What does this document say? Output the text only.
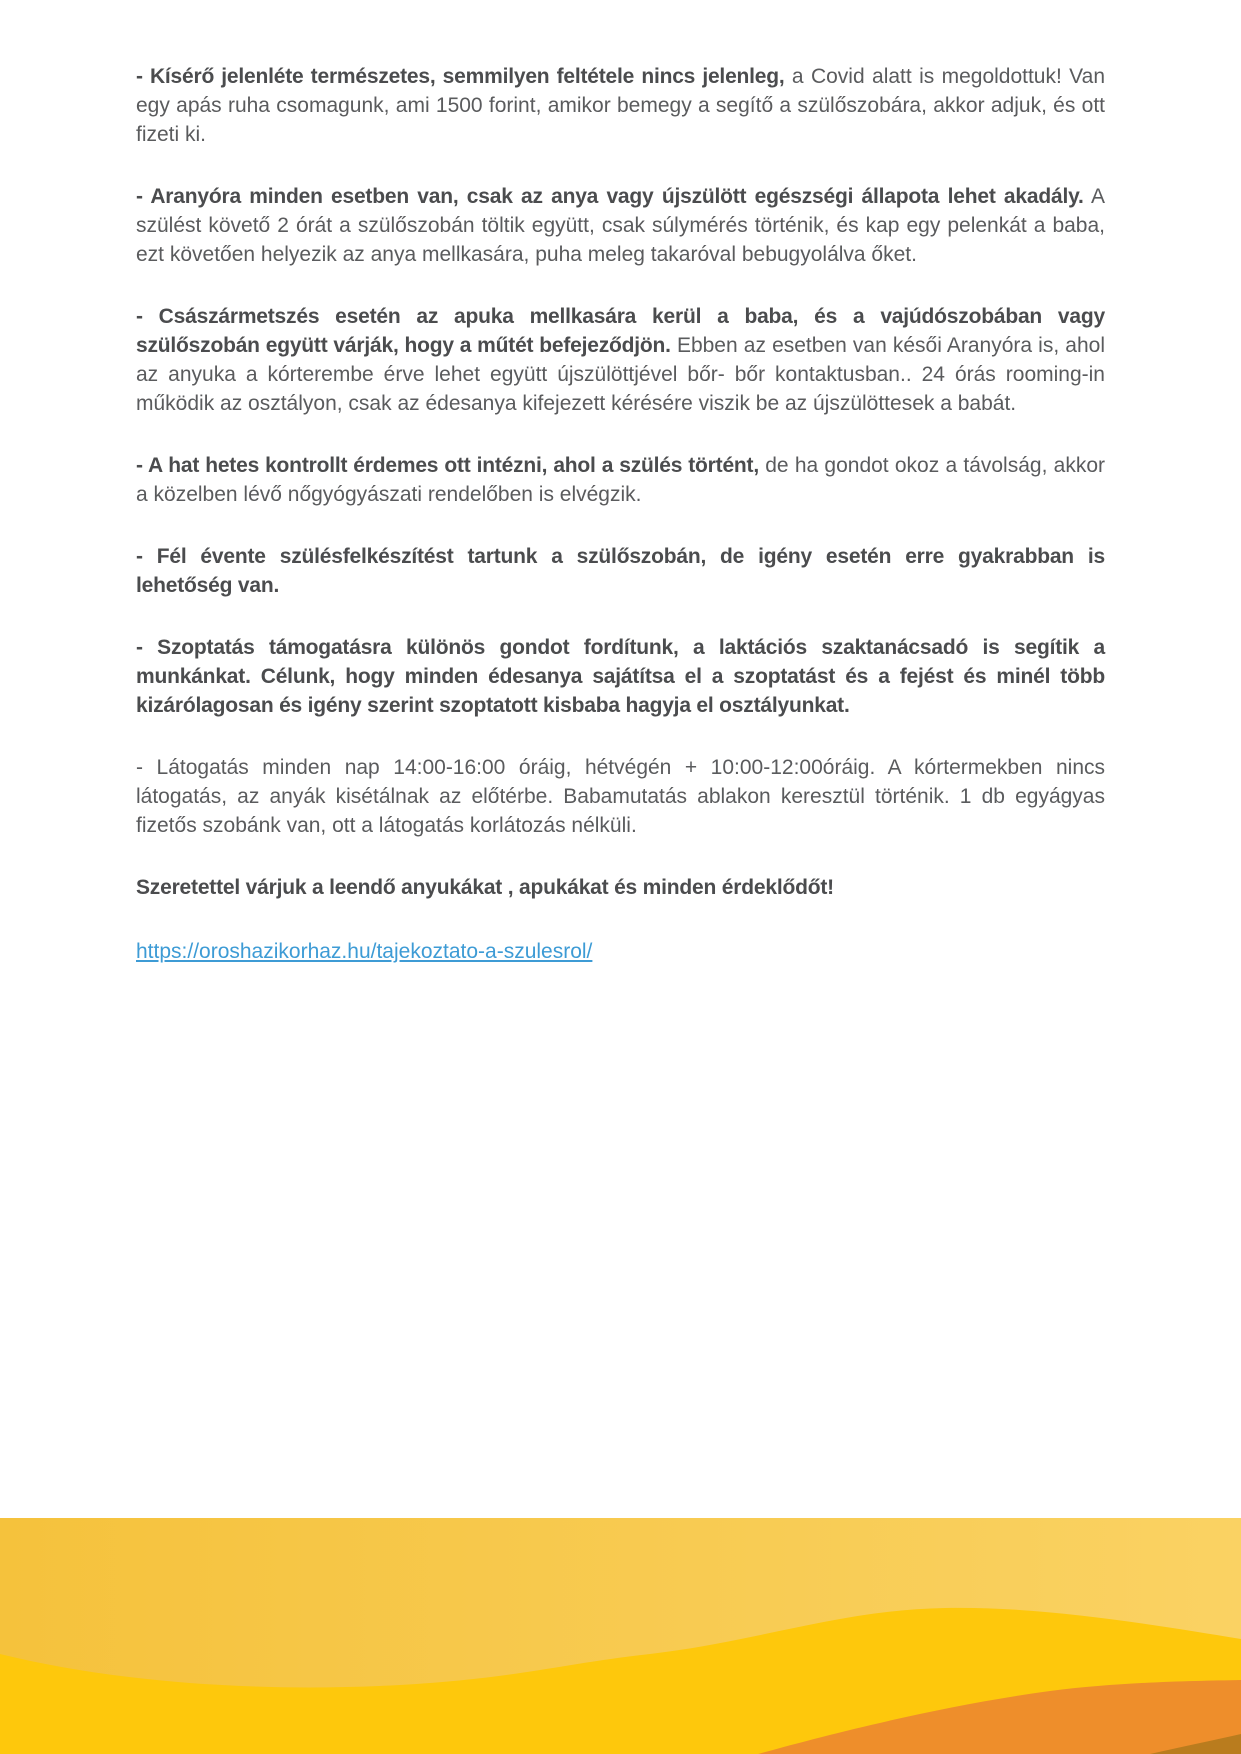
- Kísérő jelenléte természetes, semmilyen feltétele nincs jelenleg, a Covid alatt is megoldottuk! Van egy apás ruha csomagunk, ami 1500 forint, amikor bemegy a segítő a szülőszobára, akkor adjuk, és ott fizeti ki.

- Aranyóra minden esetben van, csak az anya vagy újszülött egészségi állapota lehet akadály. A szülést követő 2 órát a szülőszobán töltik együtt, csak súlymérés történik, és kap egy pelenkát a baba, ezt követően helyezik az anya mellkasára, puha meleg takaróval bebugyolálva őket.

- Császármetszés esetén az apuka mellkasára kerül a baba, és a vajúdószobában vagy szülőszobán együtt várják, hogy a műtét befejeződjön. Ebben az esetben van késői Aranyóra is, ahol az anyuka a kórterembe érve lehet együtt újszülöttjével bőr- bőr kontaktusban.. 24 órás rooming-in működik az osztályon, csak az édesanya kifejezett kérésére viszik be az újszülöttesek a babát.

- A hat hetes kontrollt érdemes ott intézni, ahol a szülés történt, de ha gondot okoz a távolság, akkor a közelben lévő nőgyógyászati rendelőben is elvégzik.

- Fél évente szülésfelkészítést tartunk a szülőszobán, de igény esetén erre gyakrabban is lehetőség van.

- Szoptatás támogatásra különös gondot fordítunk, a laktációs szaktanácsadó is segítik a munkánkat. Célunk, hogy minden édesanya sajátítsa el a szoptatást és a fejést és minél több kizárólagosan és igény szerint szoptatott kisbaba hagyja el osztályunkat.

- Látogatás minden nap 14:00-16:00 óráig, hétvégén + 10:00-12:00óráig. A kórtermekben nincs látogatás, az anyák kisétálnak az előtérbe. Babamutatás ablakon keresztül történik. 1 db egyágyas fizetős szobánk van, ott a látogatás korlátozás nélküli.

Szeretettel várjuk a leendő anyukákat , apukákat és minden érdeklődőt!

https://oroshazikorhaz.hu/tajekoztato-a-szulesrol/
